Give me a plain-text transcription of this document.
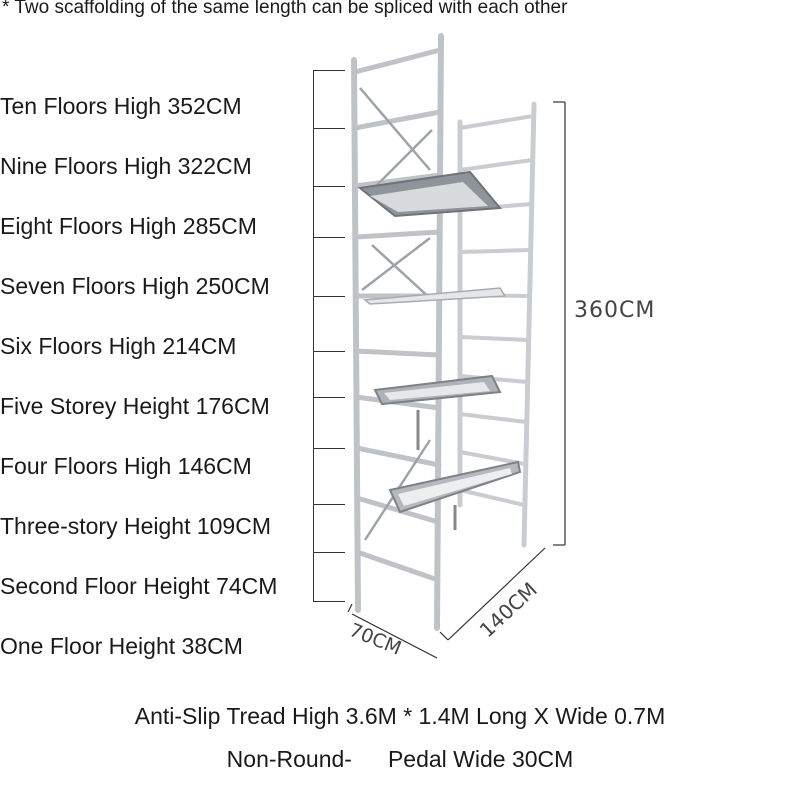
* Two scaffolding of the same length can be spliced with each other
Ten Floors High 352CM
Nine Floors High 322CM
Eight Floors High 285CM
Seven Floors High 250CM
Six Floors High 214CM
Five Storey Height 176CM
Four Floors High 146CM
Three-story Height 109CM
Second Floor Height 74CM
One Floor Height 38CM
140CM
70CM
360CM
Anti-Slip Tread High 3.6M * 1.4M Long X Wide 0.7M
Non-Round- Pedal Wide 30CM
